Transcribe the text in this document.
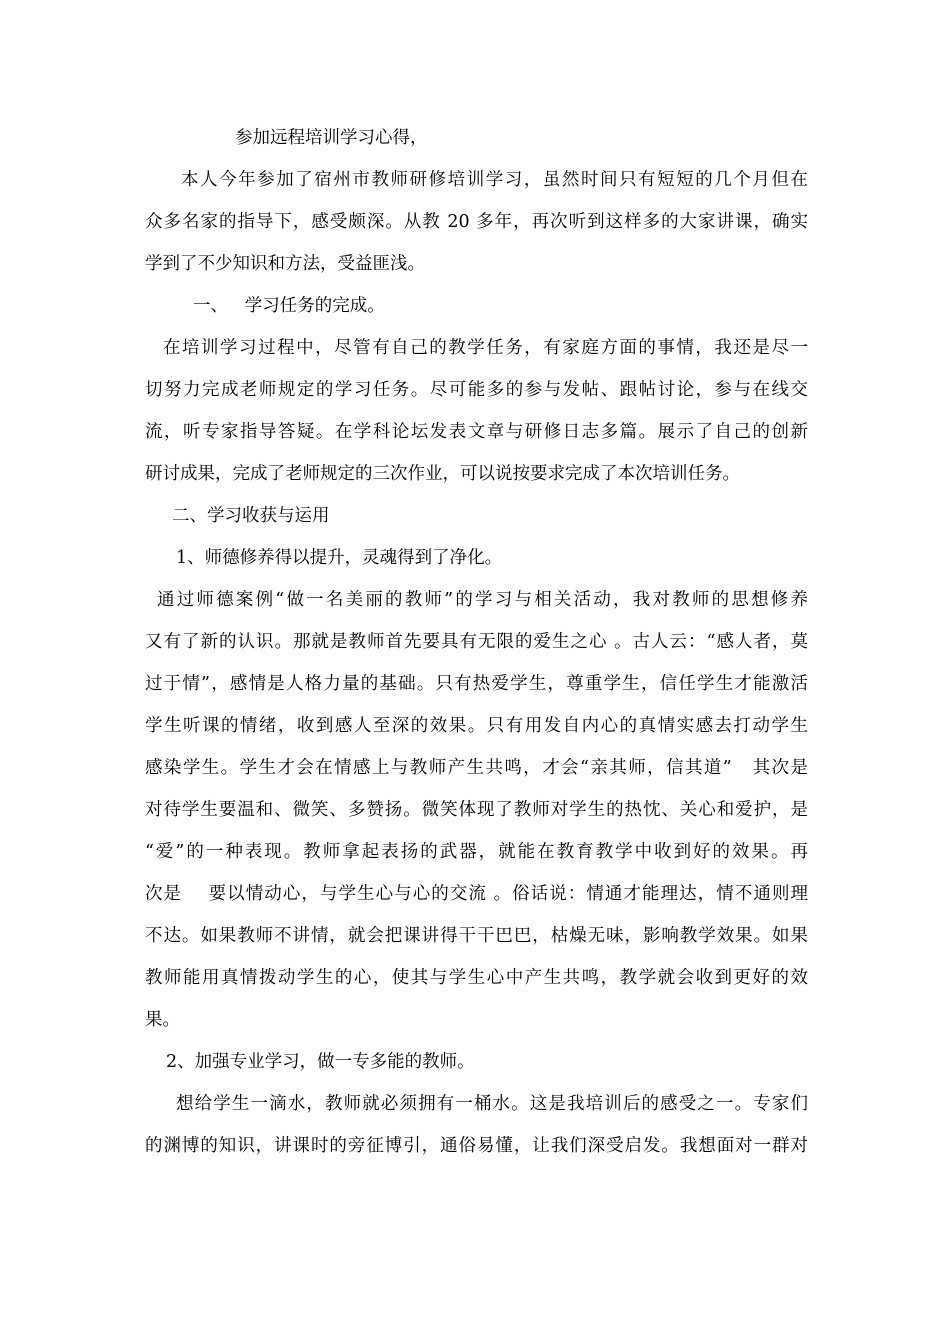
参加远程培训学习心得，
本人今年参加了宿州市教师研修培训学习，虽然时间只有短短的几个月但在
众多名家的指导下，感受颇深。从教 20 多年，再次听到这样多的大家讲课，确实
学到了不少知识和方法，受益匪浅。
一、   学习任务的完成。
在培训学习过程中，尽管有自己的教学任务，有家庭方面的事情，我还是尽一
切努力完成老师规定的学习任务。尽可能多的参与发帖、跟帖讨论，参与在线交
流，听专家指导答疑。在学科论坛发表文章与研修日志多篇。展示了自己的创新
研讨成果，完成了老师规定的三次作业，可以说按要求完成了本次培训任务。
二、学习收获与运用
1、师德修养得以提升，灵魂得到了净化。
通过师德案例“做一名美丽的教师”的学习与相关活动，我对教师的思想修养
又有了新的认识。那就是教师首先要具有无限的爱生之心 。古人云：“感人者，莫
过于情”，感情是人格力量的基础。只有热爱学生，尊重学生，信任学生才能激活
学生听课的情绪，收到感人至深的效果。只有用发自内心的真情实感去打动学生
感染学生。学生才会在情感上与教师产生共鸣，才会“亲其师，信其道”   其次是
对待学生要温和、微笑、多赞扬。微笑体现了教师对学生的热忱、关心和爱护，是
“爱”的一种表现。教师拿起表扬的武器，就能在教育教学中收到好的效果。再
次是    要以情动心，与学生心与心的交流 。俗话说：情通才能理达，情不通则理
不达。如果教师不讲情，就会把课讲得干干巴巴，枯燥无味，影响教学效果。如果
教师能用真情拨动学生的心，使其与学生心中产生共鸣，教学就会收到更好的效
果。
2、加强专业学习，做一专多能的教师。
想给学生一滴水，教师就必须拥有一桶水。这是我培训后的感受之一。专家们
的渊博的知识，讲课时的旁征博引，通俗易懂，让我们深受启发。我想面对一群对
